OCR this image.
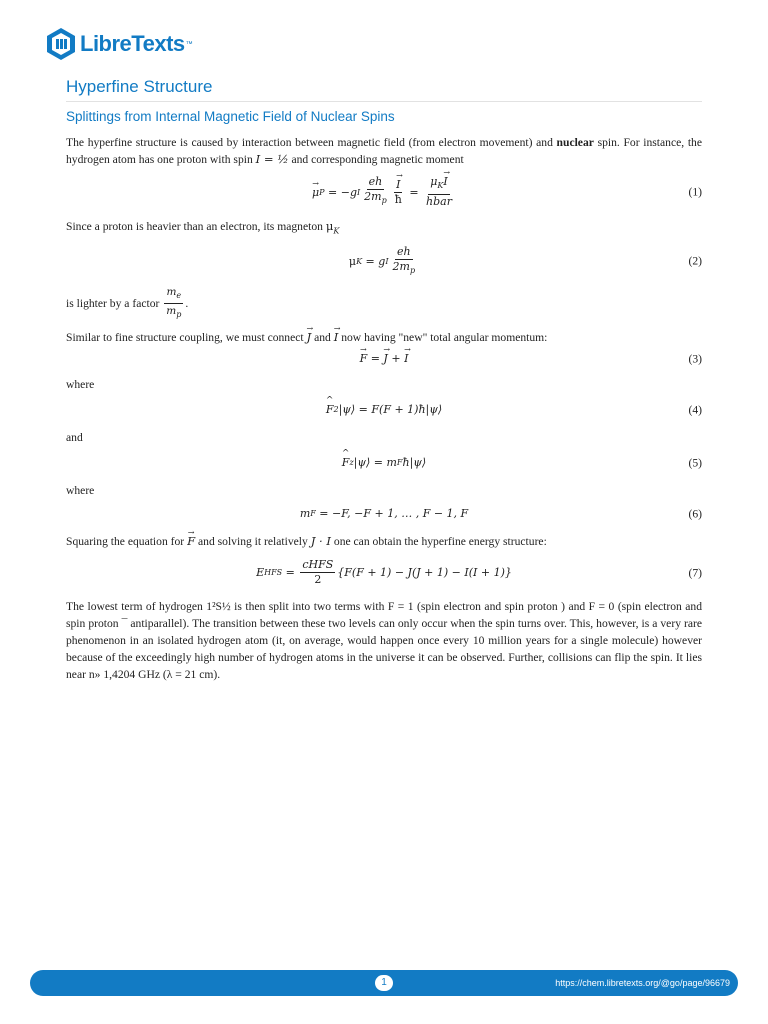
LibreTexts ™
Hyperfine Structure
Splittings from Internal Magnetic Field of Nuclear Spins

The hyperfine structure is caused by interaction between magnetic field (from electron movement) and nuclear spin. For instance, the hydrogen atom has one proton with spin I = ½ and corresponding magnetic moment

→ μ P = −g I $\frac{eh}{2m_p}$
→ $\frac{I}{ħ} = \frac{\mu_K\to I}{\text{hbar}}$	(1)

Since a proton is heavier than an electron, its magneton $\mu_K$

μ K = g I $\frac{eh}{2m_p}$	(2)

is lighter by a factor $\frac{m_e}{m_p}$ .

Similar to fine structure coupling, we must connect → J and → I now having "new" total angular momentum:

→ F =
→ J +
→ I	(3)

where

^ F 2 |ψ⟩ = F(F + 1)ħ |ψ⟩	(4)

and

^ F z |ψ⟩ = m F ħ|ψ⟩	(5)

where

m F = −F, −F + 1, … , F − 1, F	(6)

Squaring the equation for → F and solving it relatively J · I one can obtain the hyperfine energy structure:

E HFS = $\frac{\text{cHFS}}{2} \{F(F + 1) - J(J + 1) - I(I + 1)\}$	(7)

The lowest term of hydrogen 1²S½ is then split into two terms with F = 1 (spin electron and spin proton ) and F = 0 (spin electron and spin proton ¯ antiparallel). The transition between these two levels can only occur when the spin turns over. This, however, is a very rare phenomenon in an isolated hydrogen atom (it, on average, would happen once every 10 million years for a single molecule) however because of the exceedingly high number of hydrogen atoms in the universe it can be observed. Further, collisions can flip the spin. It lies near n» 1,4204 GHz (λ = 21 cm).

1	https://chem.libretexts.org/@go/page/96679
